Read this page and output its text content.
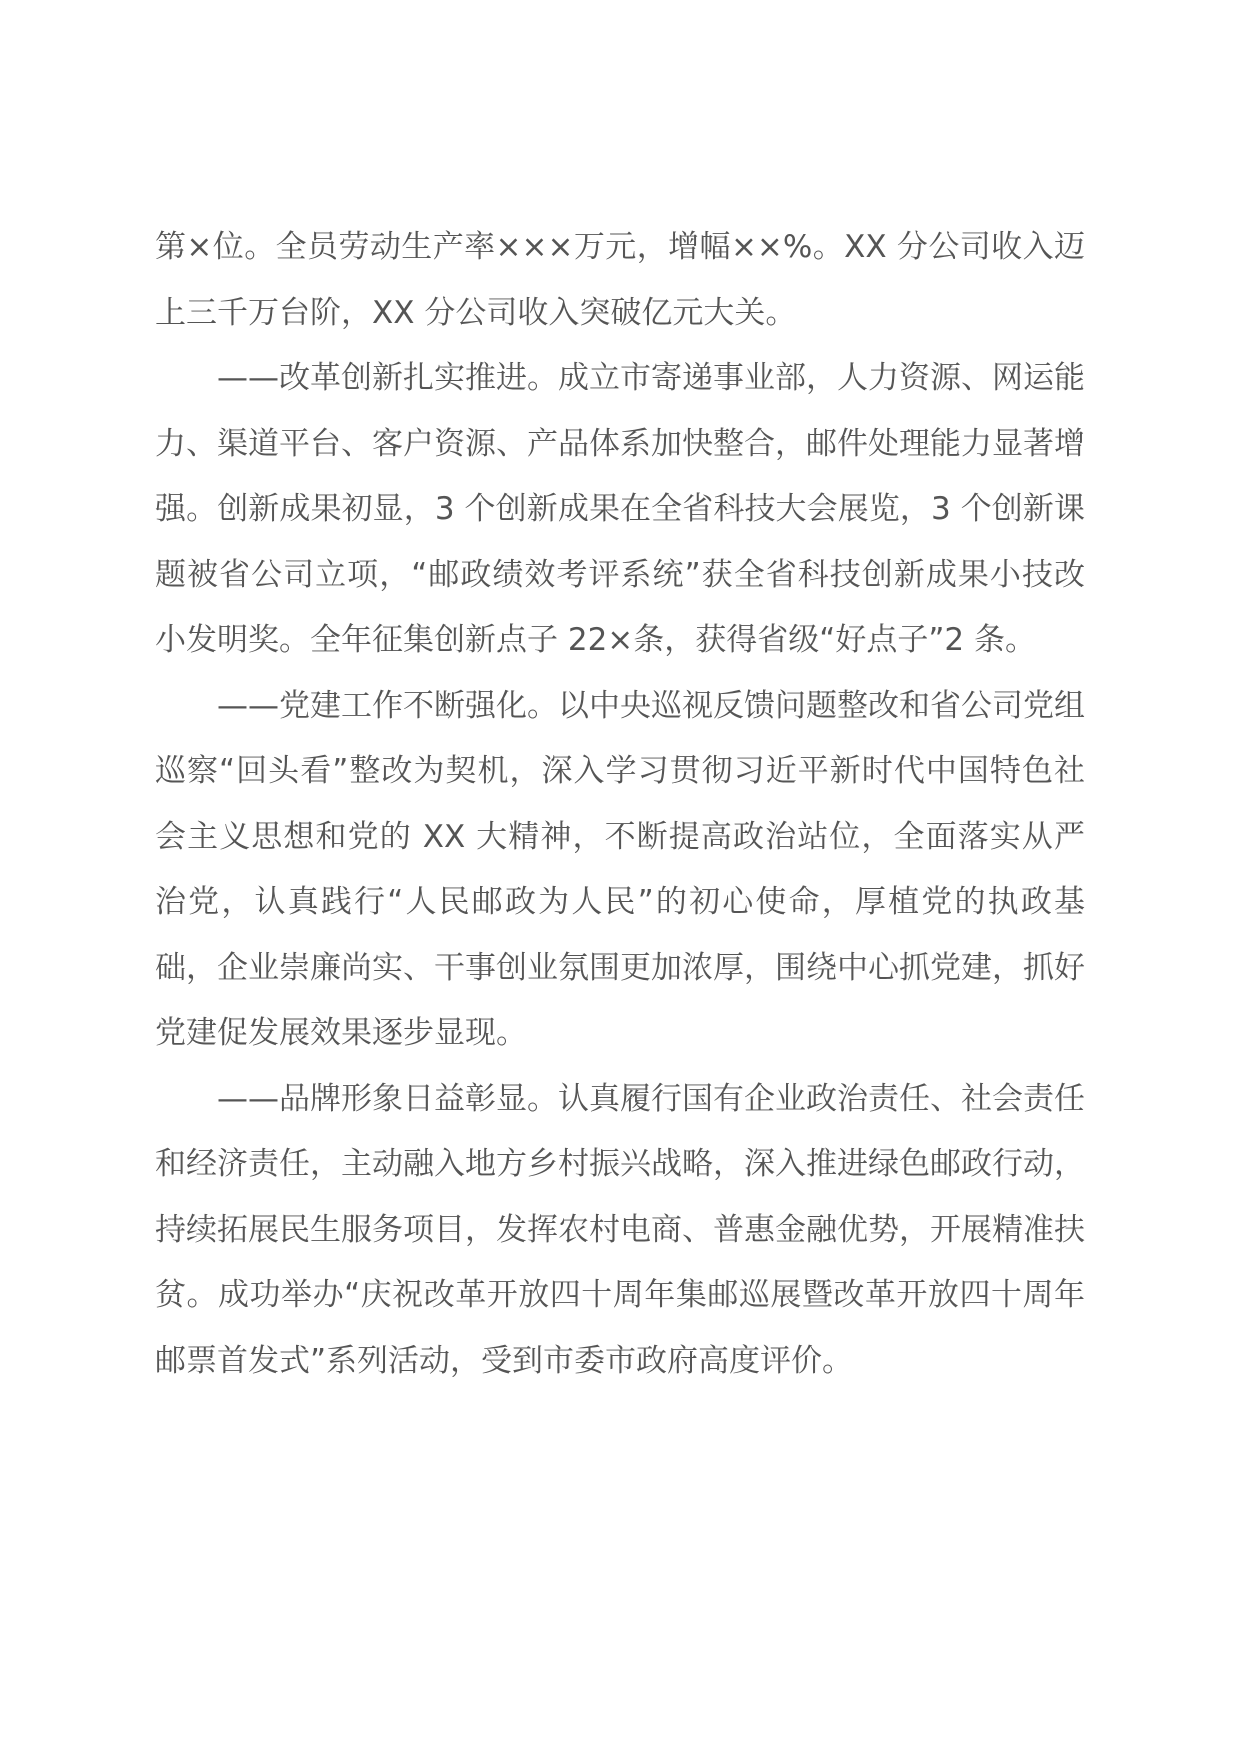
第×位。全员劳动生产率×××万元，增幅××%。XX 分公司收入迈上三千万台阶，XX 分公司收入突破亿元大关。

——改革创新扎实推进。成立市寄递事业部，人力资源、网运能力、渠道平台、客户资源、产品体系加快整合，邮件处理能力显著增强。创新成果初显，3 个创新成果在全省科技大会展览，3 个创新课题被省公司立项，“邮政绩效考评系统”获全省科技创新成果小技改小发明奖。全年征集创新点子 22×条，获得省级“好点子”2 条。

——党建工作不断强化。以中央巡视反馈问题整改和省公司党组巡察“回头看”整改为契机，深入学习贯彻习近平新时代中国特色社会主义思想和党的 XX 大精神，不断提高政治站位，全面落实从严治党，认真践行“人民邮政为人民”的初心使命，厚植党的执政基础，企业崇廉尚实、干事创业氛围更加浓厚，围绕中心抓党建，抓好党建促发展效果逐步显现。

——品牌形象日益彰显。认真履行国有企业政治责任、社会责任和经济责任，主动融入地方乡村振兴战略，深入推进绿色邮政行动，持续拓展民生服务项目，发挥农村电商、普惠金融优势，开展精准扶贫。成功举办“庆祝改革开放四十周年集邮巡展暨改革开放四十周年邮票首发式”系列活动，受到市委市政府高度评价。
